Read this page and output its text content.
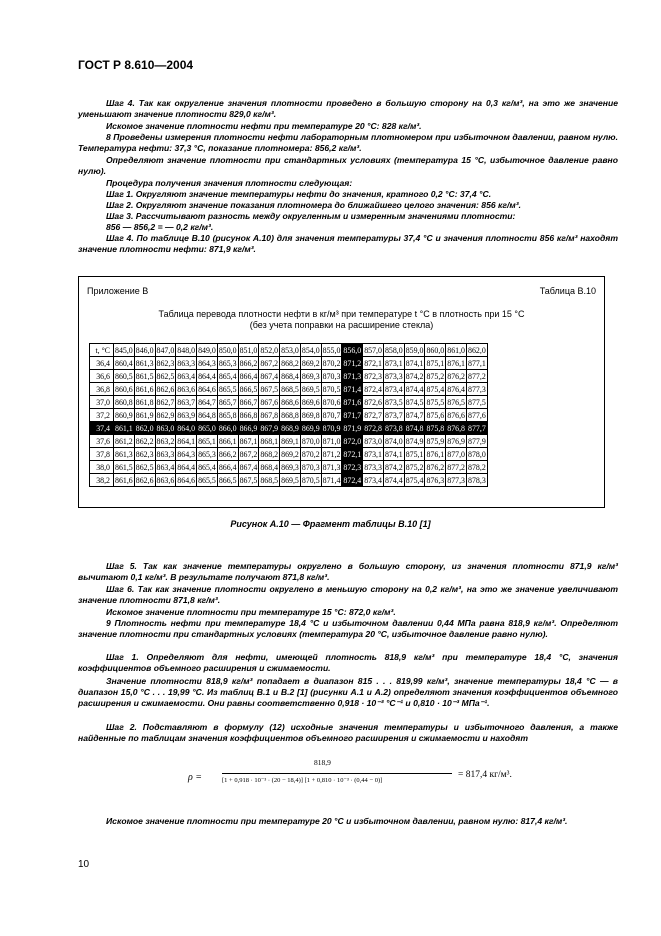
ГОСТ Р 8.610—2004
Шаг 4. Так как округление значения плотности проведено в большую сторону на 0,3 кг/м³, на это же значение уменьшают значение плотности 829,0 кг/м³.
Искомое значение плотности нефти при температуре 20 °С: 828 кг/м³.
8 Проведены измерения плотности нефти лабораторным плотномером при избыточном давлении, равном нулю. Температура нефти: 37,3 °С, показание плотномера: 856,2 кг/м³.
Определяют значение плотности при стандартных условиях (температура 15 °С, избыточное давление равно нулю).
Процедура получения значения плотности следующая:
Шаг 1. Округляют значение температуры нефти до значения, кратного 0,2 °С: 37,4 °С.
Шаг 2. Округляют значение показания плотномера до ближайшего целого значения: 856 кг/м³.
Шаг 3. Рассчитывают разность между округленным и измеренным значениями плотности:
856 — 856,2 = — 0,2 кг/м³.
Шаг 4. По таблице В.10 (рисунок А.10) для значения температуры 37,4 °С и значения плотности 856 кг/м³ находят значение плотности нефти: 871,9 кг/м³.
Приложение В	Таблица В.10
Таблица перевода плотности нефти в кг/м³ при температуре t °С в плотность при 15 °С
(без учета поправки на расширение стекла)
t, °С	845,0	846,0	847,0	848,0	849,0	850,0	851,0	852,0	853,0	854,0	855,0	856,0	857,0	858,0	859,0	860,0	861,0	862,0
36,4	860,4	861,3	862,3	863,3	864,3	865,3	866,2	867,2	868,2	869,2	870,2	871,2	872,1	873,1	874,1	875,1	876,1	877,1
36,6	860,5	861,5	862,5	863,4	864,4	865,4	866,4	867,4	868,4	869,3	870,3	871,3	872,3	873,3	874,2	875,2	876,2	877,2
36,8	860,6	861,6	862,6	863,6	864,6	865,5	866,5	867,5	868,5	869,5	870,5	871,4	872,4	873,4	874,4	875,4	876,4	877,3
37,0	860,8	861,8	862,7	863,7	864,7	865,7	866,7	867,6	868,6	869,6	870,6	871,6	872,6	873,5	874,5	875,5	876,5	877,5
37,2	860,9	861,9	862,9	863,9	864,8	865,8	866,8	867,8	868,8	869,8	870,7	871,7	872,7	873,7	874,7	875,6	876,6	877,6
37,4	861,1	862,0	863,0	864,0	865,0	866,0	866,9	867,9	868,9	869,9	870,9	871,9	872,8	873,8	874,8	875,8	876,8	877,7
37,6	861,2	862,2	863,2	864,1	865,1	866,1	867,1	868,1	869,1	870,0	871,0	872,0	873,0	874,0	874,9	875,9	876,9	877,9
37,8	861,3	862,3	863,3	864,3	865,3	866,2	867,2	868,2	869,2	870,2	871,2	872,1	873,1	874,1	875,1	876,1	877,0	878,0
38,0	861,5	862,5	863,4	864,4	865,4	866,4	867,4	868,4	869,3	870,3	871,3	872,3	873,3	874,2	875,2	876,2	877,2	878,2
38,2	861,6	862,6	863,6	864,6	865,5	866,5	867,5	868,5	869,5	870,5	871,4	872,4	873,4	874,4	875,4	876,3	877,3	878,3
Рисунок А.10 — Фрагмент таблицы В.10 [1]
Шаг 5. Так как значение температуры округлено в большую сторону, из значения плотности 871,9 кг/м³ вычитают 0,1 кг/м³. В результате получают 871,8 кг/м³.
Шаг 6. Так как значение плотности округлено в меньшую сторону на 0,2 кг/м³, на это же значение увеличивают значение плотности 871,8 кг/м³.
Искомое значение плотности при температуре 15 °С: 872,0 кг/м³.
9 Плотность нефти при температуре 18,4 °С и избыточном давлении 0,44 МПа равна 818,9 кг/м³. Определяют значение плотности при стандартных условиях (температура 20 °С, избыточное давление равно нулю).
Шаг 1. Определяют для нефти, имеющей плотность 818,9 кг/м³ при температуре 18,4 °С, значения коэффициентов объемного расширения и сжимаемости.
Значение плотности 818,9 кг/м³ попадает в диапазон 815 . . . 819,99 кг/м³, значение температуры 18,4 °С — в диапазон 15,0 °С . . . 19,99 °С. Из таблиц В.1 и В.2 [1] (рисунки А.1 и А.2) определяют значения коэффициентов объемного расширения и сжимаемости. Они равны соответственно 0,918 · 10⁻³ °С⁻¹ и 0,810 · 10⁻³ МПа⁻¹.
Шаг 2. Подставляют в формулу (12) исходные значения температуры и избыточного давления, а также найденные по таблицам значения коэффициентов объемного расширения и сжимаемости и находят
ρ =
818,9
[1 + 0,918 · 10⁻³ · (20 − 18,4)] [1 + 0,810 · 10⁻³ · (0,44 − 0)]
= 817,4 кг/м³.
Искомое значение плотности при температуре 20 °С и избыточном давлении, равном нулю: 817,4 кг/м³.
10
